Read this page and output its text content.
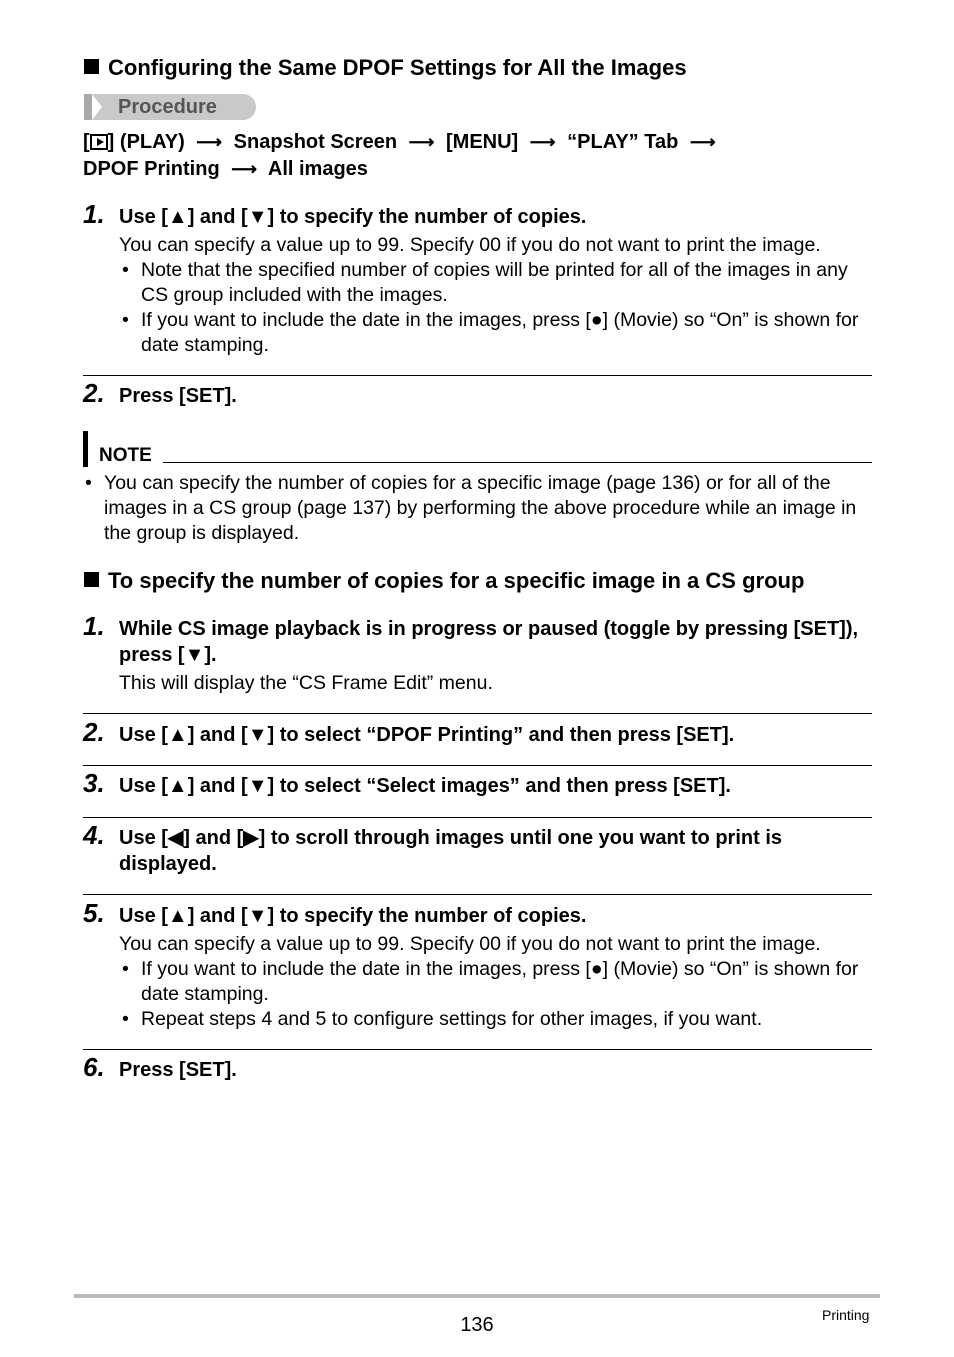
Configuring the Same DPOF Settings for All the Images
Procedure
[ ] (PLAY) ⟶ Snapshot Screen ⟶ [MENU] ⟶ “PLAY” Tab ⟶
DPOF Printing ⟶ All images
1. Use [▲] and [▼] to specify the number of copies.
You can specify a value up to 99. Specify 00 if you do not want to print the image.
• Note that the specified number of copies will be printed for all of the images in any CS group included with the images.
• If you want to include the date in the images, press [●] (Movie) so “On” is shown for date stamping.
2. Press [SET].
NOTE
• You can specify the number of copies for a specific image (page 136) or for all of the images in a CS group (page 137) by performing the above procedure while an image in the group is displayed.
To specify the number of copies for a specific image in a CS group
1. While CS image playback is in progress or paused (toggle by pressing [SET]), press [▼].
This will display the “CS Frame Edit” menu.
2. Use [▲] and [▼] to select “DPOF Printing” and then press [SET].
3. Use [▲] and [▼] to select “Select images” and then press [SET].
4. Use [◀] and [▶] to scroll through images until one you want to print is displayed.
5. Use [▲] and [▼] to specify the number of copies.
You can specify a value up to 99. Specify 00 if you do not want to print the image.
• If you want to include the date in the images, press [●] (Movie) so “On” is shown for date stamping.
• Repeat steps 4 and 5 to configure settings for other images, if you want.
6. Press [SET].
136	Printing
